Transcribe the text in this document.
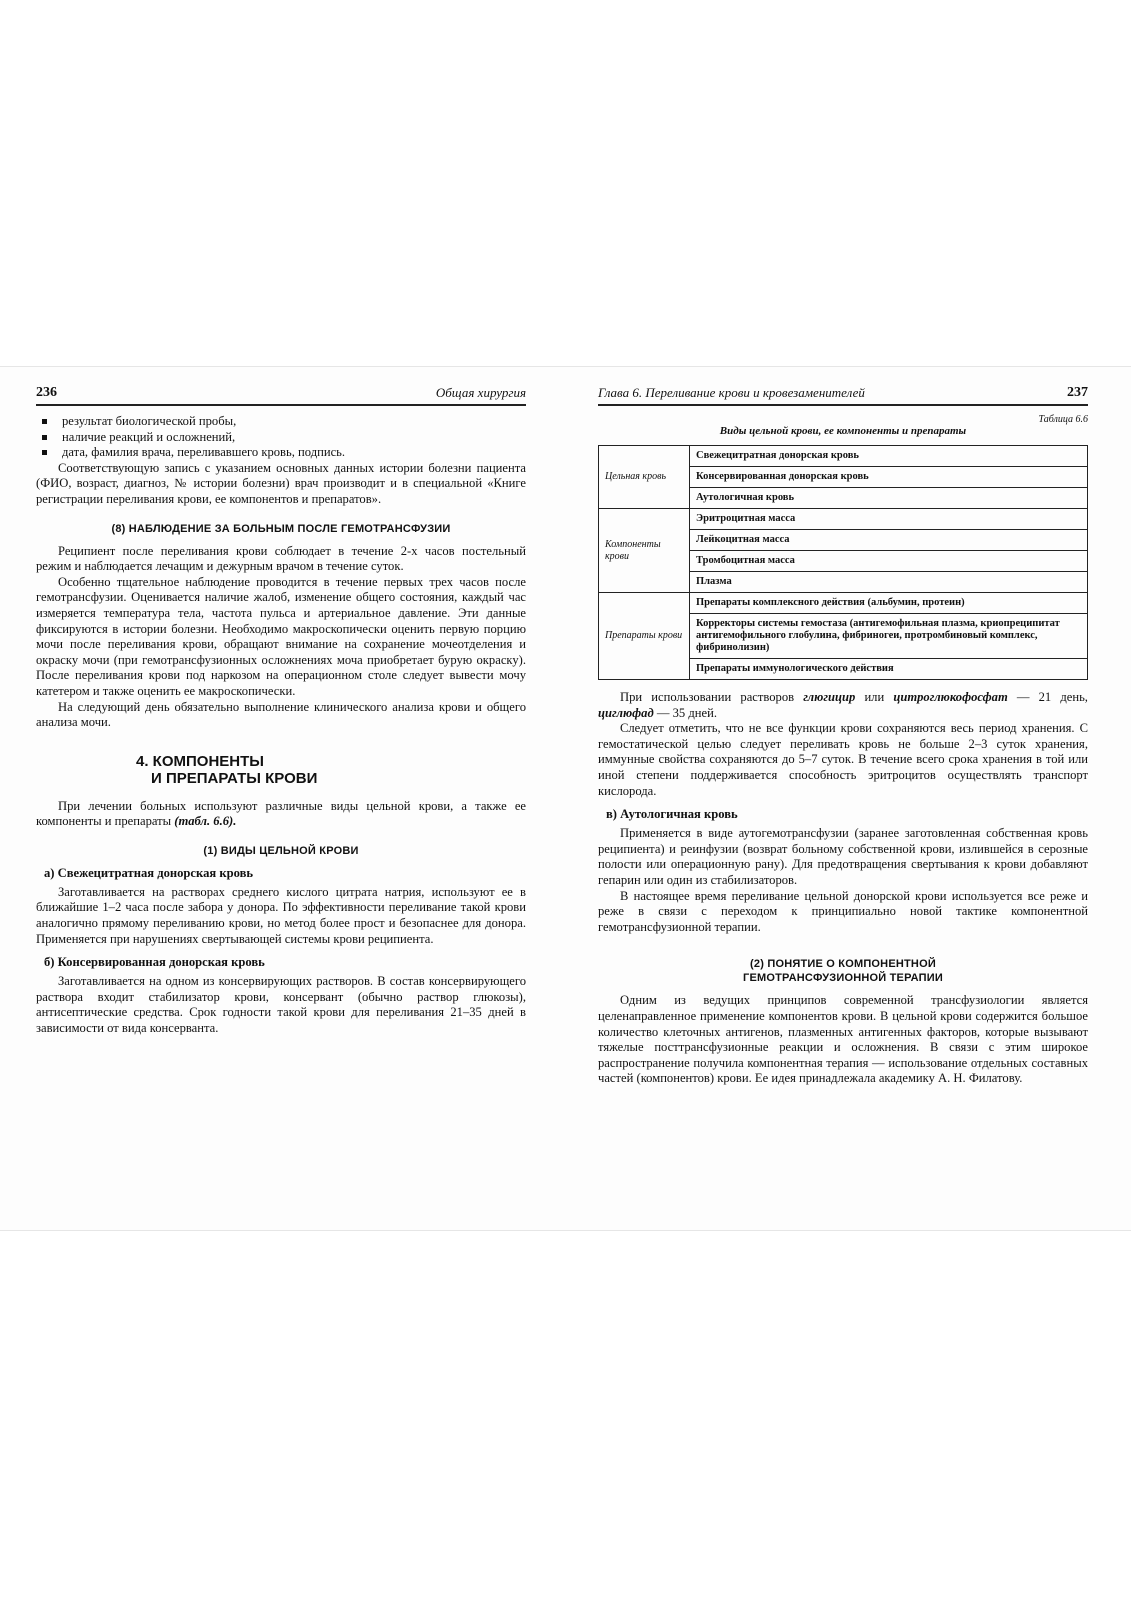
236	Общая хирургия
результат биологической пробы,
наличие реакций и осложнений,
дата, фамилия врача, переливавшего кровь, подпись.

Соответствующую запись с указанием основных данных истории болезни пациента (ФИО, возраст, диагноз, № истории болезни) врач производит и в специальной «Книге регистрации переливания крови, ее компонентов и препаратов».

(8) НАБЛЮДЕНИЕ ЗА БОЛЬНЫМ ПОСЛЕ ГЕМОТРАНСФУЗИИ

Реципиент после переливания крови соблюдает в течение 2-х часов постельный режим и наблюдается лечащим и дежурным врачом в течение суток.

Особенно тщательное наблюдение проводится в течение первых трех часов после гемотрансфузии. Оценивается наличие жалоб, изменение общего состояния, каждый час измеряется температура тела, частота пульса и артериальное давление. Эти данные фиксируются в истории болезни. Необходимо макроскопически оценить первую порцию мочи после переливания крови, обращают внимание на сохранение мочеотделения и окраску мочи (при гемотрансфузионных осложнениях моча приобретает бурую окраску). После переливания крови под наркозом на операционном столе следует вывести мочу катетером и также оценить ее макроскопически.

На следующий день обязательно выполнение клинического анализа крови и общего анализа мочи.

4. КОМПОНЕНТЫ
И ПРЕПАРАТЫ КРОВИ

При лечении больных используют различные виды цельной крови, а также ее компоненты и препараты (табл. 6.6).

(1) ВИДЫ ЦЕЛЬНОЙ КРОВИ
а) Свежецитратная донорская кровь

Заготавливается на растворах среднего кислого цитрата натрия, используют ее в ближайшие 1–2 часа после забора у донора. По эффективности переливание такой крови аналогично прямому переливанию крови, но метод более прост и безопаснее для донора. Применяется при нарушениях свертывающей системы крови реципиента.

б) Консервированная донорская кровь

Заготавливается на одном из консервирующих растворов. В состав консервирующего раствора входит стабилизатор крови, консервант (обычно раствор глюкозы), антисептические средства. Срок годности такой крови для переливания 21–35 дней в зависимости от вида консерванта.

Глава 6. Переливание крови и кровезаменителей	237
Таблица 6.6
Виды цельной крови, ее компоненты и препараты
Цельная кровь	Свежецитратная донорская кровь
	Консервированная донорская кровь
	Аутологичная кровь
Компоненты крови	Эритроцитная масса
	Лейкоцитная масса
	Тромбоцитная масса
	Плазма
Препараты крови	Препараты комплексного действия (альбумин, протеин)
	Корректоры системы гемостаза (антигемофильная плазма, криопреципитат антигемофильного глобулина, фибриногеи, протромбиновый комплекс, фибринолизин)
	Препараты иммунологического действия

При использовании растворов глюгицир или цитроглюкофосфат — 21 день, циглюфад — 35 дней.

Следует отметить, что не все функции крови сохраняются весь период хранения. С гемостатической целью следует переливать кровь не больше 2–3 суток хранения, иммунные свойства сохраняются до 5–7 суток. В течение всего срока хранения в той или иной степени поддерживается способность эритроцитов осуществлять транспорт кислорода.

в) Аутологичная кровь

Применяется в виде аутогемотрансфузии (заранее заготовленная собственная кровь реципиента) и реинфузии (возврат больному собственной крови, излившейся в серозные полости или операционную рану). Для предотвращения свертывания к крови добавляют гепарин или один из стабилизаторов.

В настоящее время переливание цельной донорской крови используется все реже и реже в связи с переходом к принципиально новой тактике компонентной гемотрансфузионной терапии.

(2) ПОНЯТИЕ О КОМПОНЕНТНОЙ
ГЕМОТРАНСФУЗИОННОЙ ТЕРАПИИ

Одним из ведущих принципов современной трансфузиологии является целенаправленное применение компонентов крови. В цельной крови содержится большое количество клеточных антигенов, плазменных антигенных факторов, которые вызывают тяжелые посттрансфузионные реакции и осложнения. В связи с этим широкое распространение получила компонентная терапия — использование отдельных составных частей (компонентов) крови. Ее идея принадлежала академику А. Н. Филатову.
